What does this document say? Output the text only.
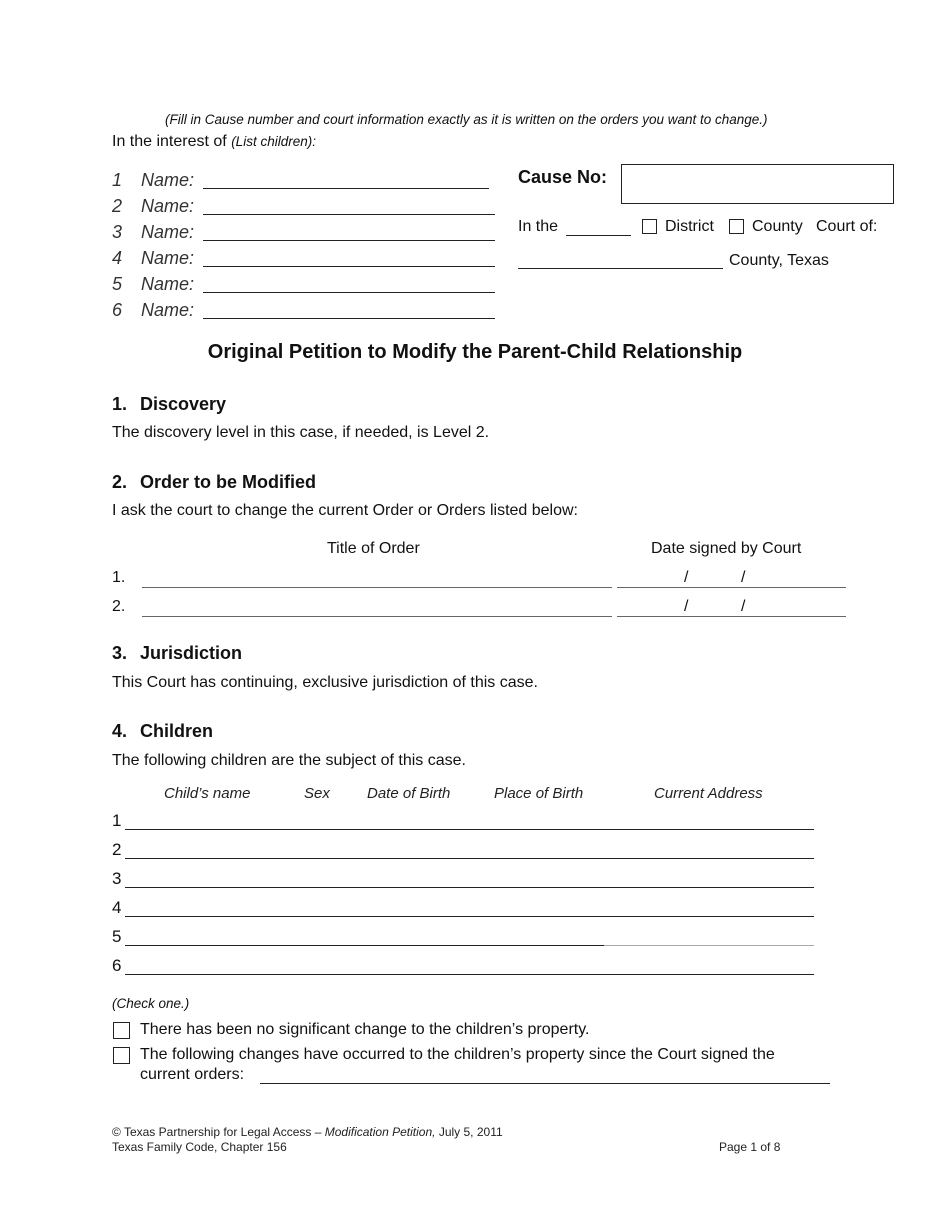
(Fill in Cause number and court information exactly as it is written on the orders you want to change.)
In the interest of (List children):
1 Name:
2 Name:
3 Name:
4 Name:
5 Name:
6 Name:
Cause No:
In the	District County Court of:
County, Texas
Original Petition to Modify the Parent-Child Relationship
1. Discovery
The discovery level in this case, if needed, is Level 2.
2. Order to be Modified
I ask the court to change the current Order or Orders listed below:
Title of Order	Date signed by Court
1.	/	/
2.	/	/
3. Jurisdiction
This Court has continuing, exclusive jurisdiction of this case.
4. Children
The following children are the subject of this case.
Child’s name	Sex Date of Birth	Place of Birth	Current Address
1
2
3
4
5
6
(Check one.)
There has been no significant change to the children’s property.
The following changes have occurred to the children’s property since the Court signed the
current orders:
© Texas Partnership for Legal Access – Modification Petition, July 5, 2011
Texas Family Code, Chapter 156	Page 1 of 8
